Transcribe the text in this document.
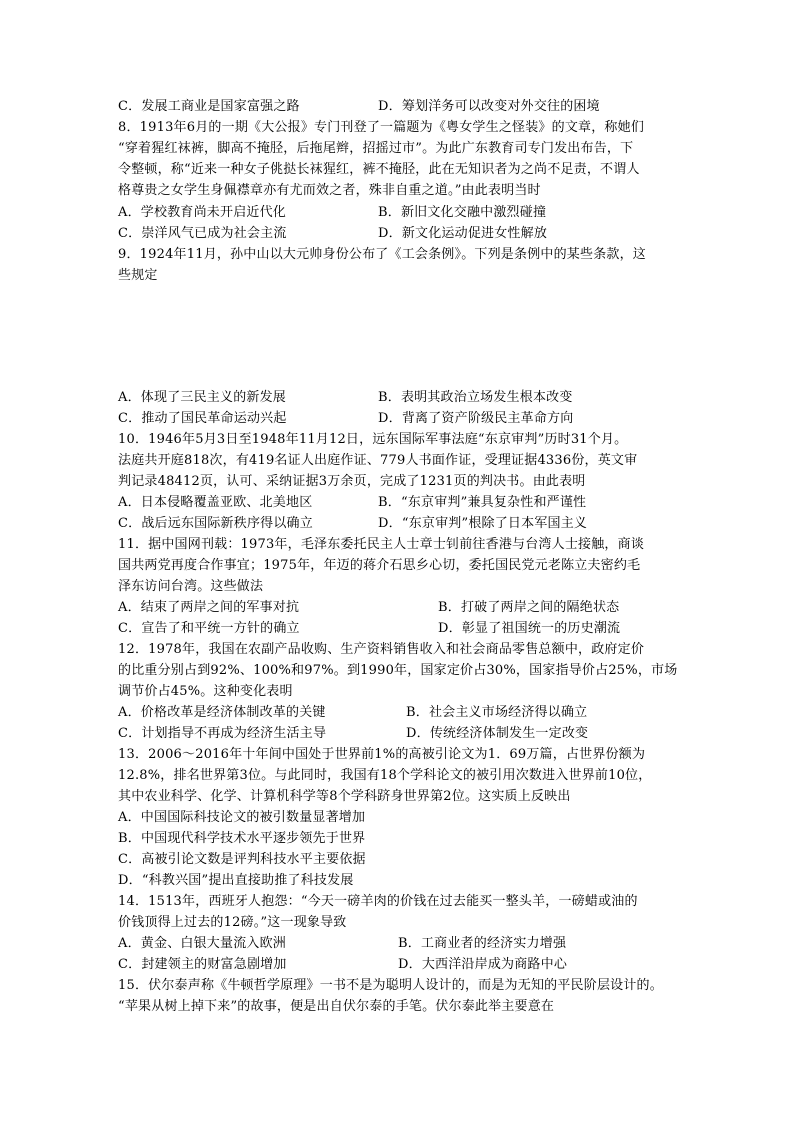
C．发展工商业是国家富强之路	D．筹划洋务可以改变对外交往的困境
8．1913年6月的一期《大公报》专门刊登了一篇题为《粤女学生之怪装》的文章，称她们
“穿着猩红袜裤，脚高不掩胫，后拖尾辫，招摇过市”。为此广东教育司专门发出布告，下
令整顿，称“近来一种女子佻挞长袜猩红，裤不掩胫，此在无知识者为之尚不足责，不谓人
格尊贵之女学生身佩襟章亦有尤而效之者，殊非自重之道。”由此表明当时
A．学校教育尚未开启近代化	B．新旧文化交融中激烈碰撞
C．崇洋风气已成为社会主流	D．新文化运动促进女性解放
9．1924年11月，孙中山以大元帅身份公布了《工会条例》。下列是条例中的某些条款，这
些规定
A．体现了三民主义的新发展	B．表明其政治立场发生根本改变
C．推动了国民革命运动兴起	D．背离了资产阶级民主革命方向
10．1946年5月3日至1948年11月12日，远东国际军事法庭“东京审判”历时31个月。
法庭共开庭818次，有419名证人出庭作证、779人书面作证，受理证据4336份，英文审
判记录48412页，认可、采纳证据3万余页，完成了1231页的判决书。由此表明
A．日本侵略覆盖亚欧、北美地区	B．“东京审判”兼具复杂性和严谨性
C．战后远东国际新秩序得以确立	D．“东京审判”根除了日本军国主义
11．据中国网刊载：1973年，毛泽东委托民主人士章士钊前往香港与台湾人士接触，商谈
国共两党再度合作事宜；1975年，年迈的蒋介石思乡心切，委托国民党元老陈立夫密约毛
泽东访问台湾。这些做法
A．结束了两岸之间的军事对抗	B．打破了两岸之间的隔绝状态
C．宣告了和平统一方针的确立	D．彰显了祖国统一的历史潮流
12．1978年，我国在农副产品收购、生产资料销售收入和社会商品零售总额中，政府定价
的比重分别占到92%、100%和97%。到1990年，国家定价占30%，国家指导价占25%，市场
调节价占45%。这种变化表明
A．价格改革是经济体制改革的关键	B．社会主义市场经济得以确立
C．计划指导不再成为经济生活主导	D．传统经济体制发生一定改变
13．2006～2016年十年间中国处于世界前1%的高被引论文为1．69万篇，占世界份额为
12.8%，排名世界第3位。与此同时，我国有18个学科论文的被引用次数进入世界前10位，
其中农业科学、化学、计算机科学等8个学科跻身世界第2位。这实质上反映出
A．中国国际科技论文的被引数量显著增加
B．中国现代科学技术水平逐步领先于世界
C．高被引论文数是评判科技水平主要依据
D．“科教兴国”提出直接助推了科技发展
14．1513年，西班牙人抱怨：“今天一磅羊肉的价钱在过去能买一整头羊，一磅蜡或油的
价钱顶得上过去的12磅。”这一现象导致
A．黄金、白银大量流入欧洲	B．工商业者的经济实力增强
C．封建领主的财富急剧增加	D．大西洋沿岸成为商路中心
15．伏尔泰声称《牛顿哲学原理》一书不是为聪明人设计的，而是为无知的平民阶层设计的。
“苹果从树上掉下来”的故事，便是出自伏尔泰的手笔。伏尔泰此举主要意在
